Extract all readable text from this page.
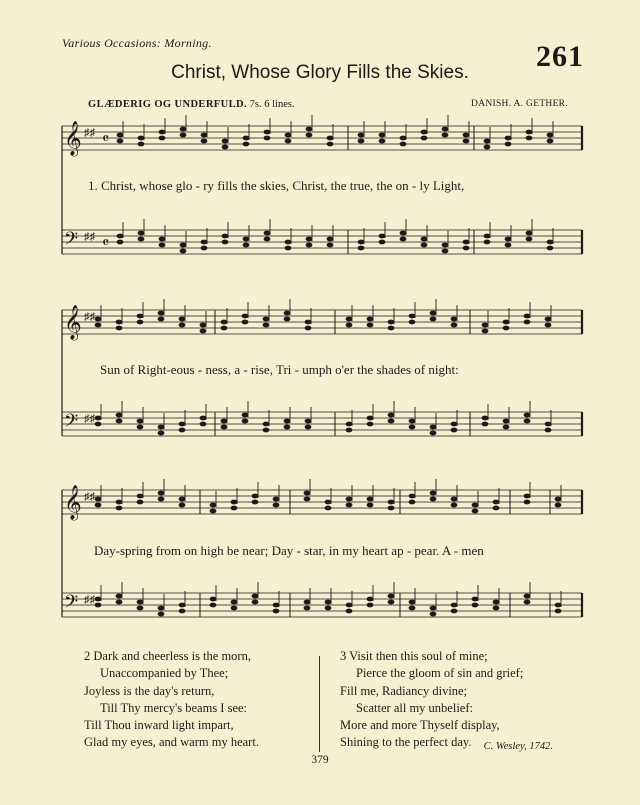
Various Occasions: Morning.	261
Christ, Whose Glory Fills the Skies.
GLÆDERIG OG UNDERFULD. 7s. 6 lines.	DANISH. A. GETHER.
𝄞 ♯♯ 𝄴
𝄢 ♯♯ 𝄴
𝄞 ♯♯
𝄢 ♯♯
𝄞 ♯♯
𝄢 ♯♯
1. Christ, whose glo - ry fills the skies, Christ, the true, the on - ly Light,
Sun of Right-eous - ness, a - rise, Tri - umph o'er the shades of night:
Day-spring from on high be near; Day - star, in my heart ap - pear. A - men
2 Dark and cheerless is the morn,
Unaccompanied by Thee;
Joyless is the day's return,
Till Thy mercy's beams I see:
Till Thou inward light impart,
Glad my eyes, and warm my heart.
3 Visit then this soul of mine;
Pierce the gloom of sin and grief;
Fill me, Radiancy divine;
Scatter all my unbelief:
More and more Thyself display,
Shining to the perfect day.	C. Wesley, 1742.
379
